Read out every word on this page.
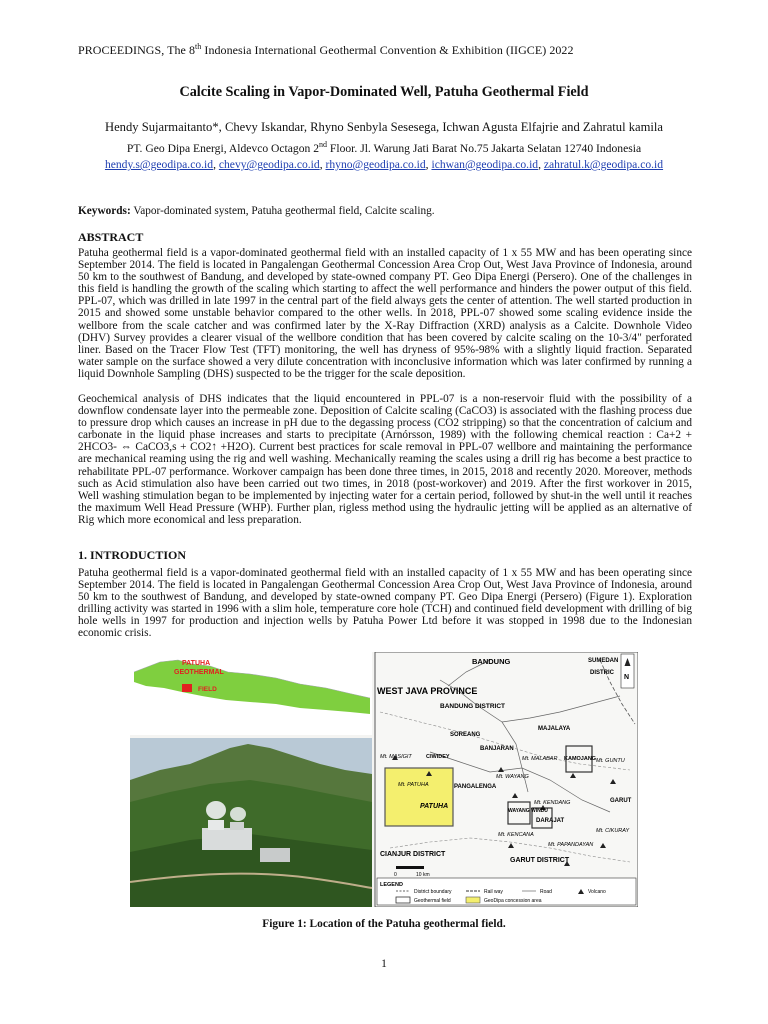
PROCEEDINGS, The 8th Indonesia International Geothermal Convention & Exhibition (IIGCE) 2022
Calcite Scaling in Vapor-Dominated Well, Patuha Geothermal Field
Hendy Sujarmaitanto*, Chevy Iskandar, Rhyno Senbyla Sesesega, Ichwan Agusta Elfajrie and Zahratul kamila
PT. Geo Dipa Energi, Aldevco Octagon 2nd Floor. Jl. Warung Jati Barat No.75 Jakarta Selatan 12740 Indonesia
hendy.s@geodipa.co.id, chevy@geodipa.co.id, rhyno@geodipa.co.id, ichwan@geodipa.co.id, zahratul.k@geodipa.co.id
Keywords: Vapor-dominated system, Patuha geothermal field, Calcite scaling.
ABSTRACT
Patuha geothermal field is a vapor-dominated geothermal field with an installed capacity of 1 x 55 MW and has been operating since September 2014. The field is located in Pangalengan Geothermal Concession Area Crop Out, West Java Province of Indonesia, around 50 km to the southwest of Bandung, and developed by state-owned company PT. Geo Dipa Energi (Persero). One of the challenges in this field is handling the growth of the scaling which starting to affect the well performance and hinders the power output of this field. PPL-07, which was drilled in late 1997 in the central part of the field always gets the center of attention. The well started production in 2015 and showed some unstable behavior compared to the other wells. In 2018, PPL-07 showed some scaling evidence inside the wellbore from the scale catcher and was confirmed later by the X-Ray Diffraction (XRD) analysis as a Calcite. Downhole Video (DHV) Survey provides a clearer visual of the wellbore condition that has been covered by calcite scaling on the 10-3/4" perforated liner. Based on the Tracer Flow Test (TFT) monitoring, the well has dryness of 95%-98% with a slightly liquid fraction. Separated water sample on the surface showed a very dilute concentration with inconclusive information which was later confirmed by running a liquid Downhole Sampling (DHS) suspected to be the trigger for the scale deposition.
Geochemical analysis of DHS indicates that the liquid encountered in PPL-07 is a non-reservoir fluid with the possibility of a downflow condensate layer into the permeable zone. Deposition of Calcite scaling (CaCO3) is associated with the flashing process due to pressure drop which causes an increase in pH due to the degassing process (CO2 stripping) so that the concentration of calcium and carbonate in the liquid phase increases and starts to precipitate (Arnórsson, 1989) with the following chemical reaction : Ca+2 + 2HCO3- ⇔ CaCO3,s + CO2↑ +H2O). Current best practices for scale removal in PPL-07 wellbore and maintaining the performance are mechanical reaming using the rig and well washing. Mechanically reaming the scales using a drill rig has become a best practice to rehabilitate PPL-07 performance. Workover campaign has been done three times, in 2015, 2018 and recently 2020. Moreover, methods such as Acid stimulation also have been carried out two times, in 2018 (post-workover) and 2019. After the first workover in 2015, Well washing stimulation began to be implemented by injecting water for a certain period, followed by shut-in the well until it reaches the maximum Well Head Pressure (WHP). Further plan, rigless method using the hydraulic jetting will be applied as an alternative of Rig which more economical and less preparation.
1. INTRODUCTION
Patuha geothermal field is a vapor-dominated geothermal field with an installed capacity of 1 x 55 MW and has been operating since September 2014. The field is located in Pangalengan Geothermal Concession Area Crop Out, West Java Province of Indonesia, around 50 km to the southwest of Bandung, and developed by state-owned company PT. Geo Dipa Energi (Persero) (Figure 1). Exploration drilling activity was started in 1996 with a slim hole, temperature core hole (TCH) and continued field development with drilling of big hole wells in 1997 for production and injection wells by Patuha Power Ltd before it was stopped in 1998 due to the Indonesian economic crisis.
PATUHA
GEOTHERMAL
FIELD
N
BANDUNG	SUMEDAN
DISTRIC
WEST JAVA PROVINCE
BANDUNG DISTRICT
MAJALAYA
SOREANG
BANJARAN
Mt. MALABAR KAMOJANG Mt. GUNTU
Mt. MASIGIT	CIWIDEY
Mt. PATUHA	PANGALENGA
Mt. WAYANG
PATUHA
WAYANG WINDU
Mt. KENDANG
DARAJAT
GARUT
Mt. KENCANA
Mt. CIKURAY
Mt. PAPANDAYAN
CIANJUR DISTRICT
GARUT DISTRICT
0	10 km
LEGEND
District boundary	Rail way	Road	Volcano
Geothermal field	GeoDipa concession area
Figure 1: Location of the Patuha geothermal field.
1
